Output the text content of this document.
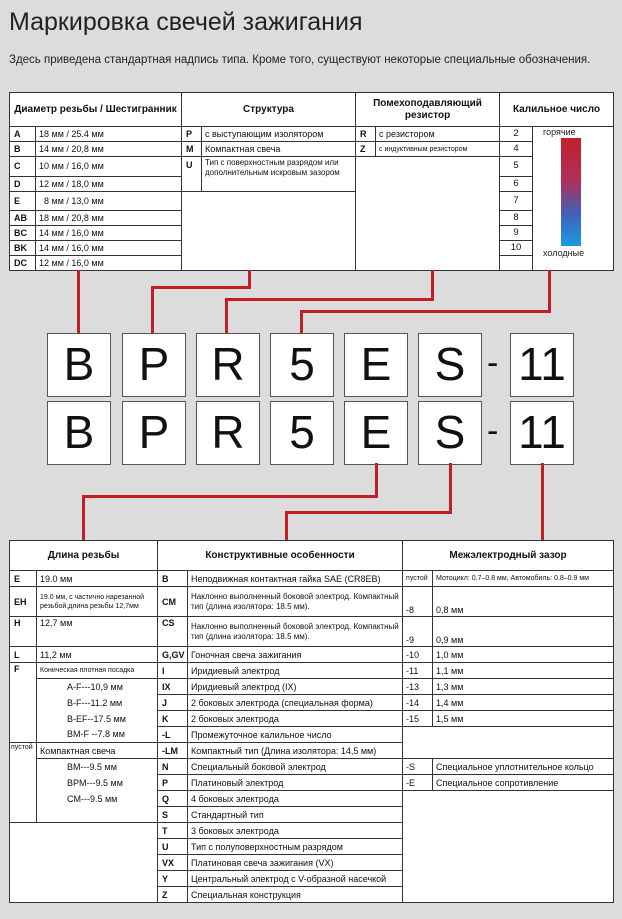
Маркировка свечей зажигания
Здесь приведена стандартная надпись типа. Кроме того, существуют некоторые специальные обозначения.
Диаметр резьбы / Шестигранник		Структура		Помехоподавляющий резистор		Калильное число	
A	18 мм / 25.4 мм	P	с выступающим изолятором	R	с резистором	2	горячие
холодные

B	14 мм / 20,8 мм	M	Компактная свеча	Z	с индуктивным резистором	4	
C	10 мм / 16,0 мм	U	Тип с поверхностным разрядом или дополнительным искровым зазором			5	
D	12 мм / 18,0 мм					6	
E	8 мм / 13,0 мм					7	
AB	18 мм / 20,8 мм					8	
BC	14 мм / 16,0 мм					9	
BK	14 мм / 16,0 мм					10	
DC	12 мм / 16,0 мм						
B P R 5 E S - 11
B P R 5 E S - 11
Длина резьбы		Конструктивные особенности		Межэлектродный зазор	
E	19.0 мм	B	Неподвижная контактная гайка SAE (CR8EB)	пустой	Мотоцикл: 0.7–0.8 мм, Автомобиль: 0.8–0.9 мм
EH	19.0 мм, с частично нарезанной резьбой,длина резьбы 12,7мм	CM	Наклонно выполненный боковой электрод. Компактный тип (длина изолятора: 18.5 мм).	-8	0,8 мм
H	12,7 мм	CS	Наклонно выполненный боковой электрод. Компактный тип (длина изолятора: 18.5 мм).	-9	0,9 мм
L	11,2 мм	G,GV	Гоночная свеча зажигания	-10	1,0 мм
F	Коническая плотная посадка	I	Иридиевый электрод	-11	1,1 мм
	A-F---10,9 мм	IX	Иридиевый электрод (IX)	-13	1,3 мм
	B-F---11.2 мм	J	2 боковых электрода (специальная форма)	-14	1,4 мм
	B-EF--17.5 мм	K	2 боковых электрода	-15	1,5 мм
	BM-F --7.8 мм	-L	Промежуточное калильное число		
пустой	Компактная свеча	-LM	Компактный тип (Длина изолятора: 14,5 мм)		
	BM---9.5 мм	N	Специальный боковой электрод	-S	Специальное уплотнительное кольцо
	BPM---9.5 мм	P	Платиновый электрод	-E	Специальное сопротивление
	CM---9.5 мм	Q	4 боковых электрода		
		S	Стандартный тип		
		T	3 боковых электрода		
		U	Тип с полуповерхностным разрядом		
		VX	Платиновая свеча зажигания (VX)		
		Y	Центральный электрод с V-образной насечкой		
		Z	Специальная конструкция		
